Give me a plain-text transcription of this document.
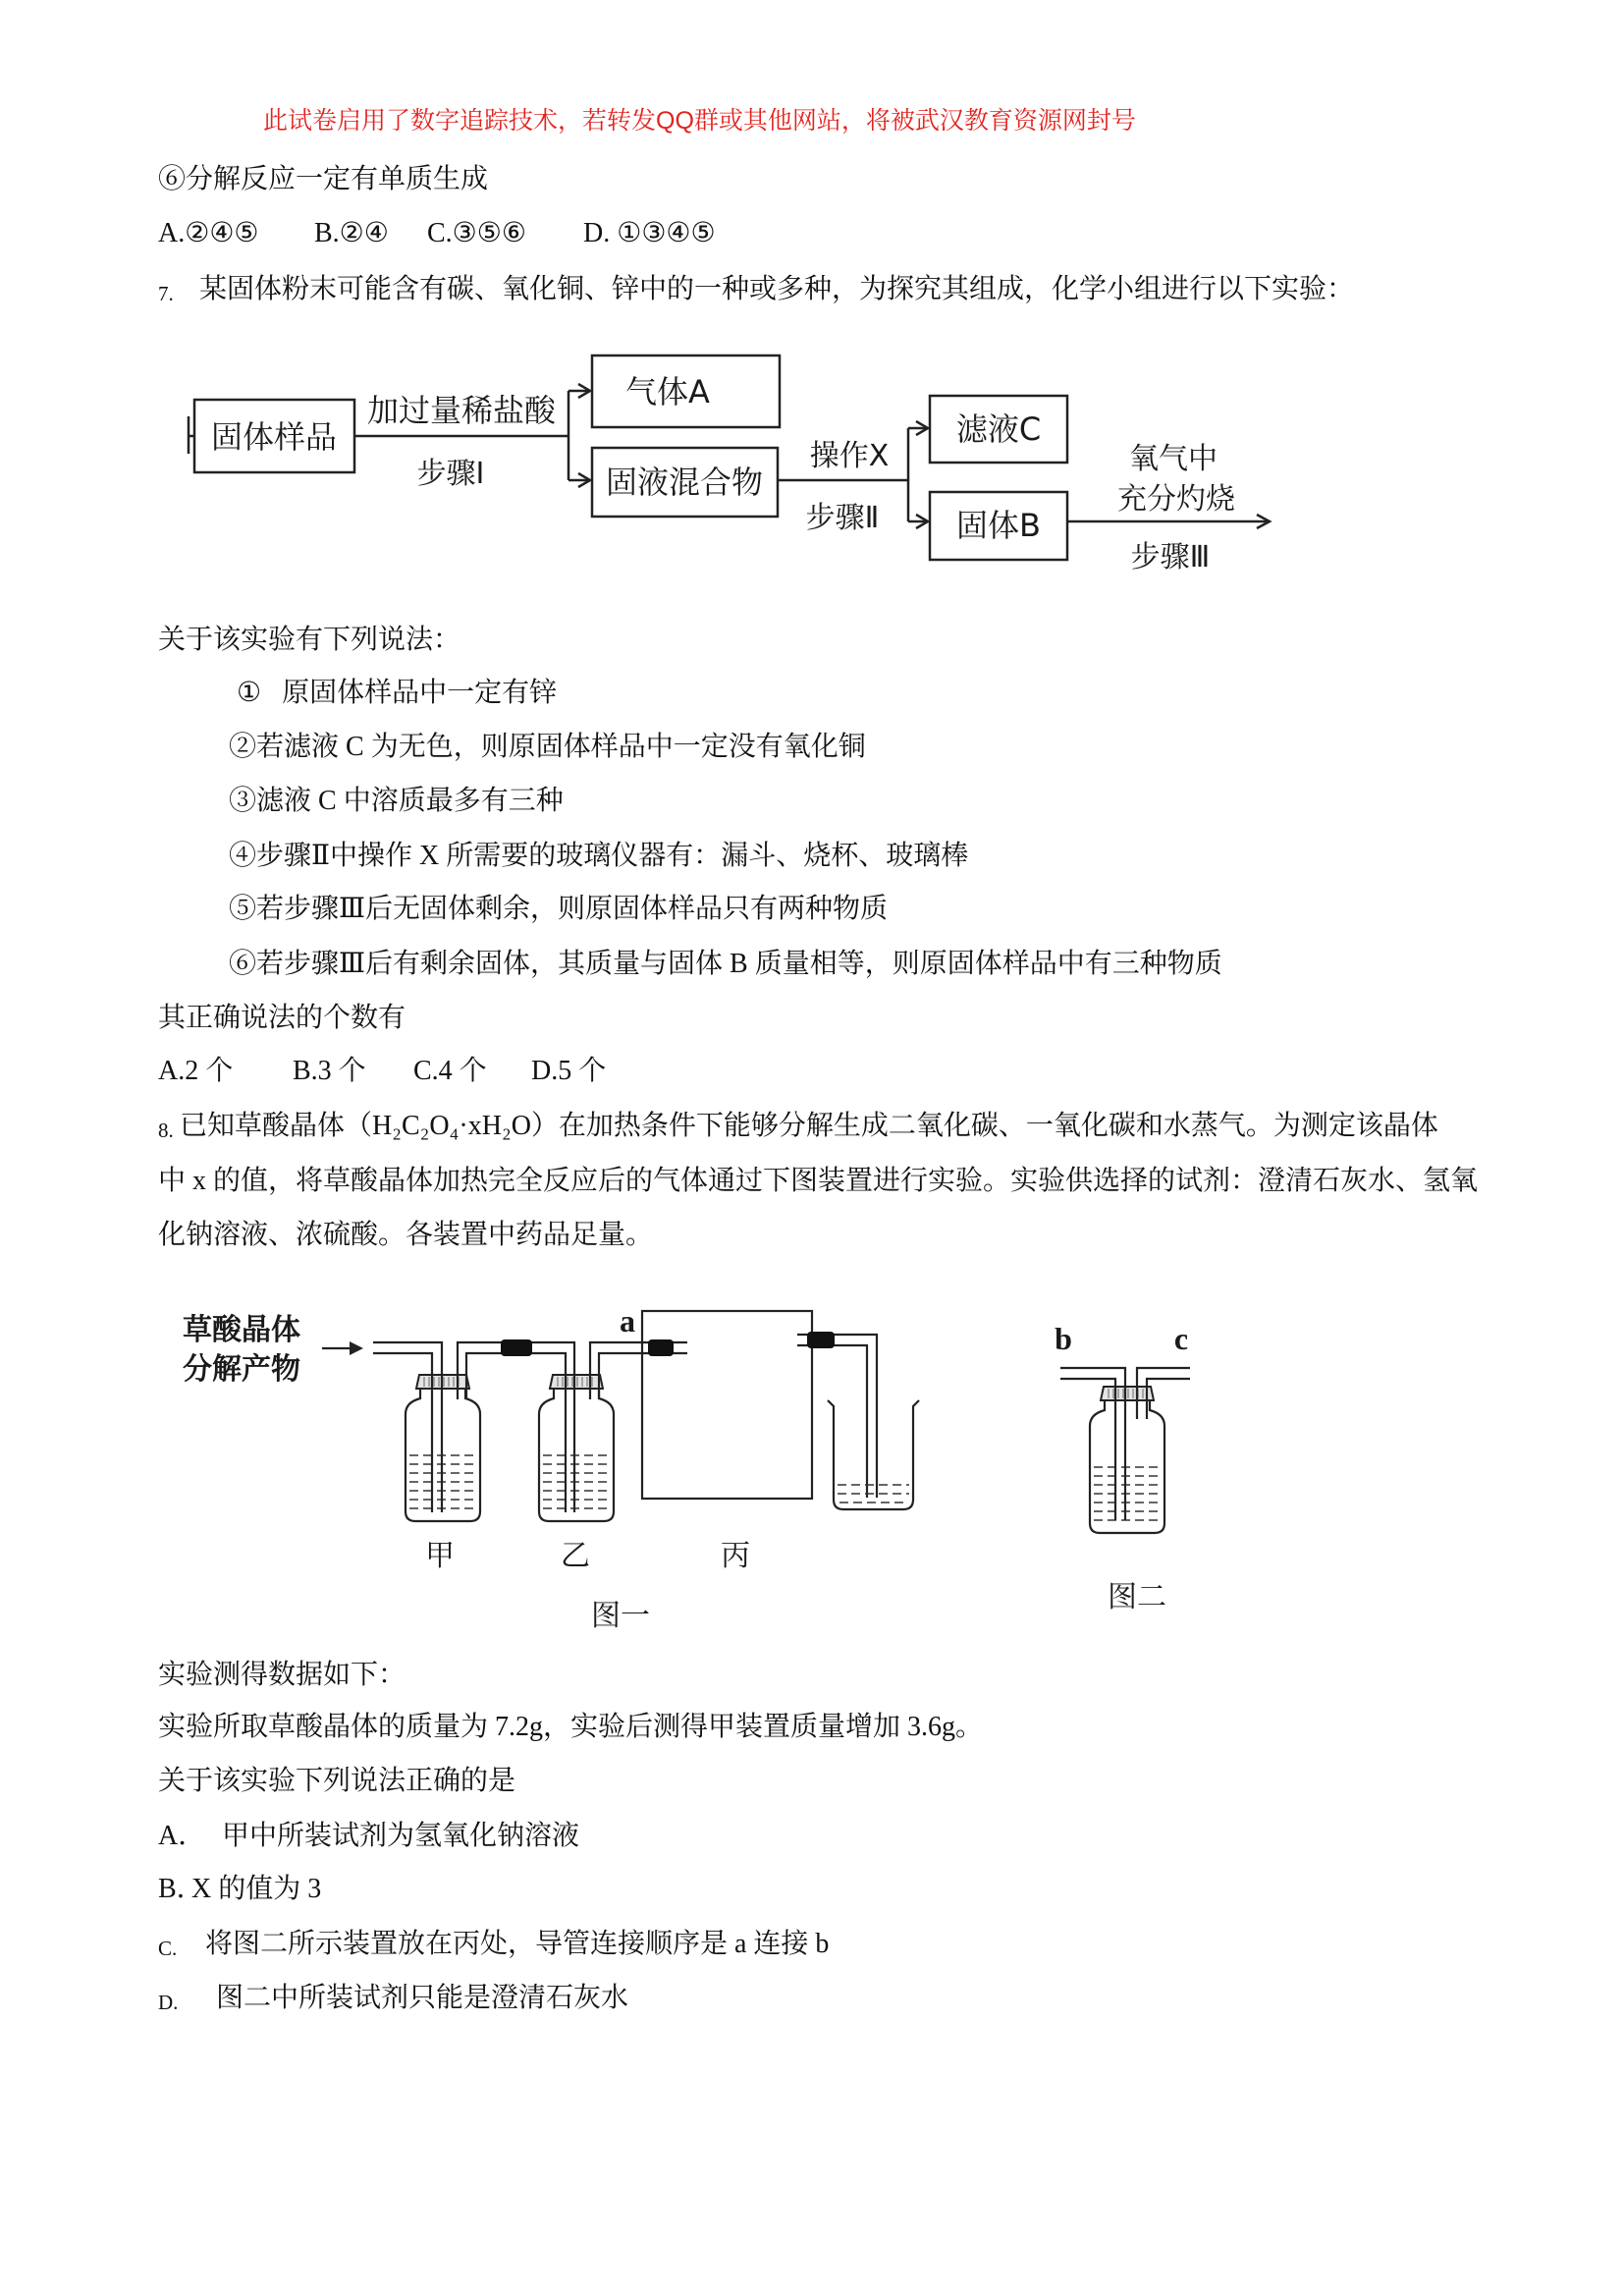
此试卷启用了数字追踪技术，若转发QQ群或其他网站，将被武汉教育资源网封号
⑥分解反应一定有单质生成
A.②④⑤ B.②④ C.③⑤⑥ D. ①③④⑤
7. 某固体粉末可能含有碳、氧化铜、锌中的一种或多种，为探究其组成，化学小组进行以下实验：
固体样品
加过量稀盐酸
步骤Ⅰ
气体A
固液混合物
操作X
步骤Ⅱ
滤液C
固体B
氧气中
充分灼烧
步骤Ⅲ
关于该实验有下列说法：
① 原固体样品中一定有锌
②若滤液 C 为无色，则原固体样品中一定没有氧化铜
③滤液 C 中溶质最多有三种
④步骤Ⅱ中操作 X 所需要的玻璃仪器有：漏斗、烧杯、玻璃棒
⑤若步骤Ⅲ后无固体剩余，则原固体样品只有两种物质
⑥若步骤Ⅲ后有剩余固体，其质量与固体 B 质量相等，则原固体样品中有三种物质
其正确说法的个数有
A.2 个 B.3 个 C.4 个 D.5 个
8. 已知草酸晶体（H₂C₂O₄·xH₂O）在加热条件下能够分解生成二氧化碳、一氧化碳和水蒸气。为测定该晶体
中 x 的值，将草酸晶体加热完全反应后的气体通过下图装置进行实验。实验供选择的试剂：澄清石灰水、氢氧
化钠溶液、浓硫酸。各装置中药品足量。
草酸晶体
分解产物
a
甲	乙	丙
图一
b	c
图二
实验测得数据如下：
实验所取草酸晶体的质量为 7.2g，实验后测得甲装置质量增加 3.6g。
关于该实验下列说法正确的是
A． 甲中所装试剂为氢氧化钠溶液
B．
X 的值为 3
C. 将图二所示装置放在丙处，导管连接顺序是 a 连接 b
D. 图二中所装试剂只能是澄清石灰水
